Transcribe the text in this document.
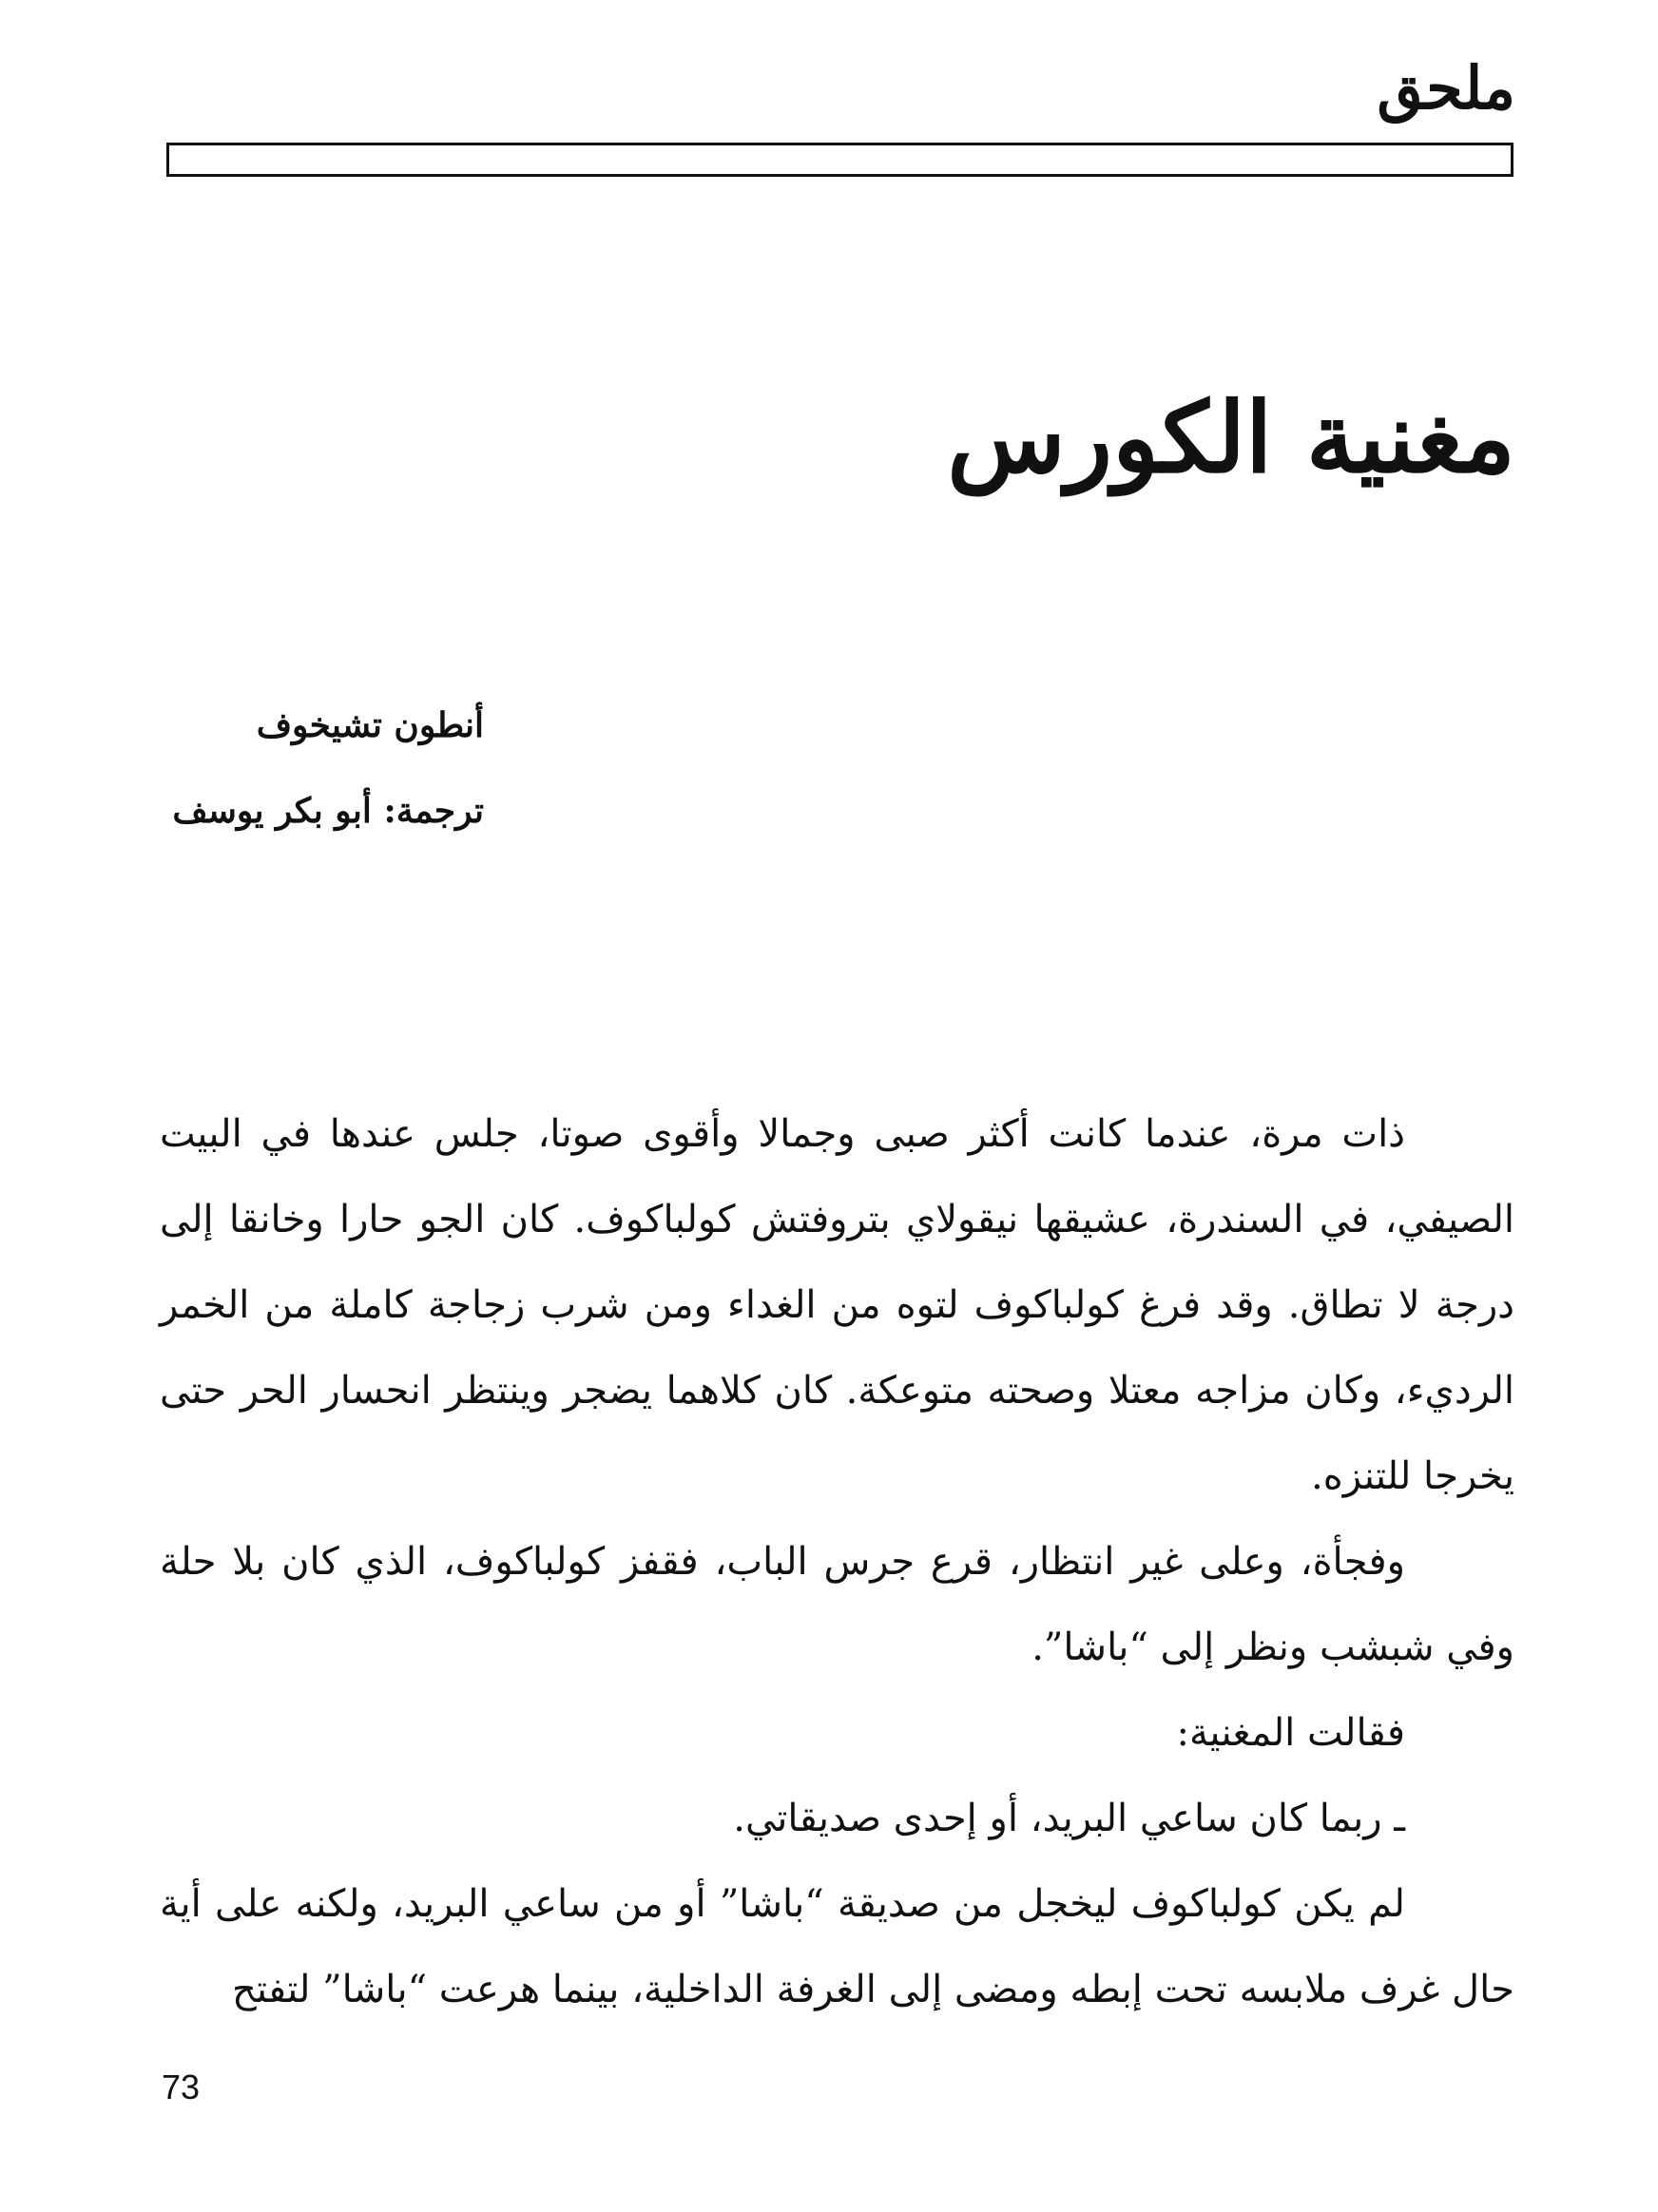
ملحق
مغنية الكورس
أنطون تشيخوف
ترجمة: أبو بكر يوسف

ذات مرة، عندما كانت أكثر صبى وجمالا وأقوى صوتا، جلس عندها في البيت الصيفي، في السندرة، عشيقها نيقولاي بتروفتش كولباكوف. كان الجو حارا وخانقا إلى درجة لا تطاق. وقد فرغ كولباكوف لتوه من الغداء ومن شرب زجاجة كاملة من الخمر الرديء، وكان مزاجه معتلا وصحته متوعكة. كان كلاهما يضجر وينتظر انحسار الحر حتى يخرجا للتنزه.

وفجأة، وعلى غير انتظار، قرع جرس الباب، فقفز كولباكوف، الذي كان بلا حلة وفي شبشب ونظر إلى “باشا”.

فقالت المغنية:

ـ ربما كان ساعي البريد، أو إحدى صديقاتي.

لم يكن كولباكوف ليخجل من صديقة “باشا” أو من ساعي البريد، ولكنه على أية حال غرف ملابسه تحت إبطه ومضى إلى الغرفة الداخلية، بينما هرعت “باشا” لتفتح

73
